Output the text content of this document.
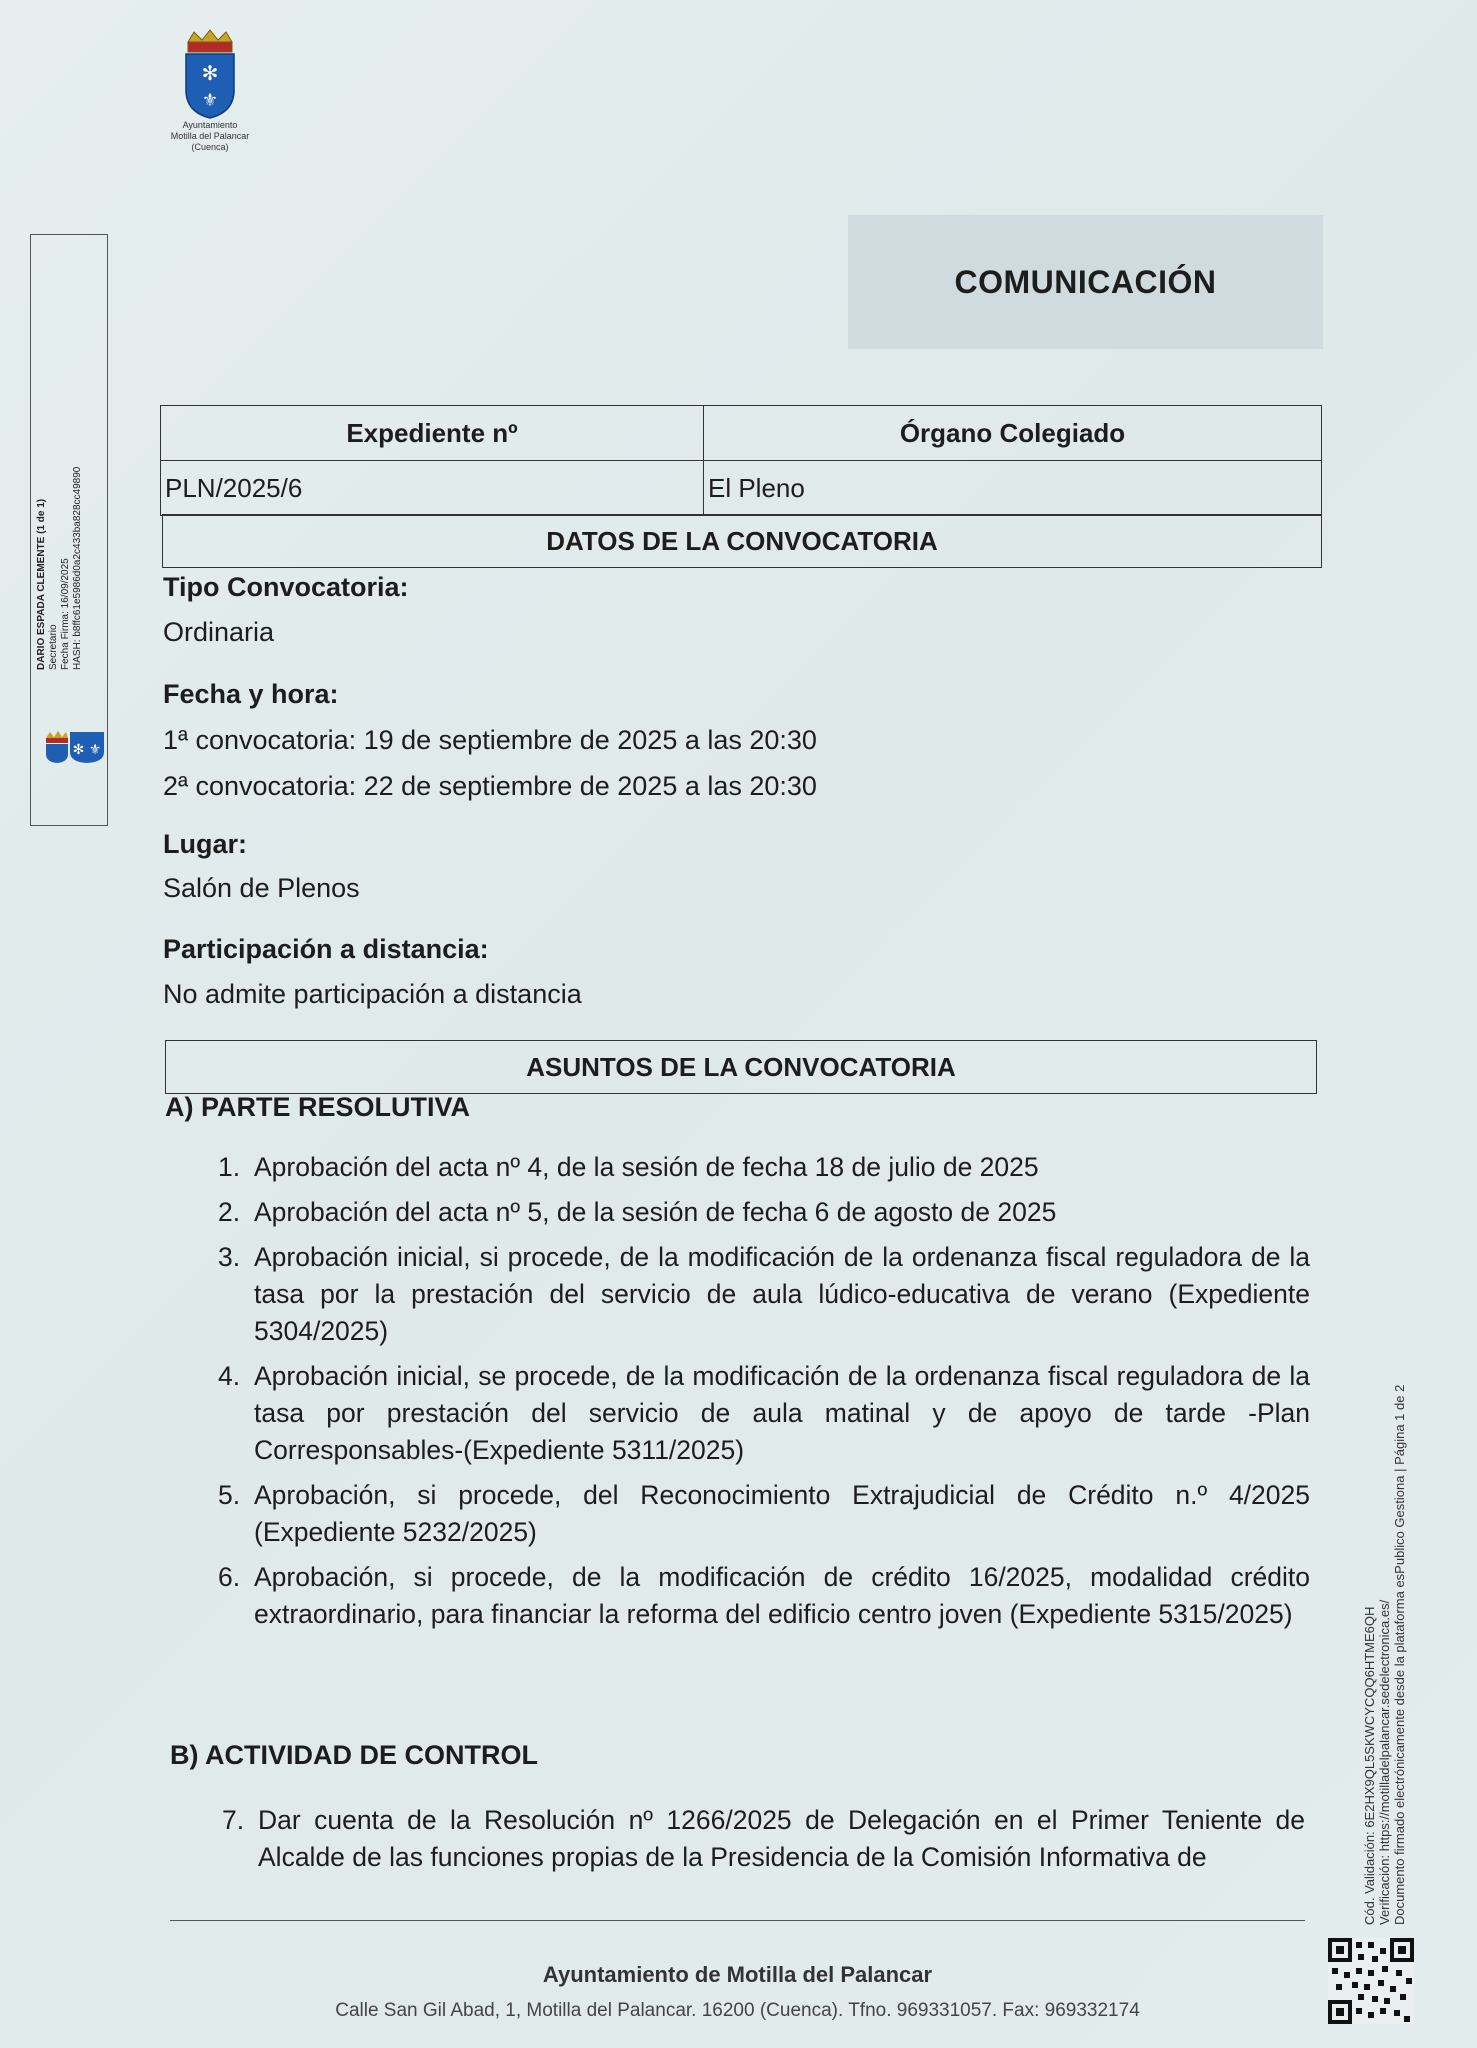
✻
⚜
Ayuntamiento
Motilla del Palancar
(Cuenca)
DARIO ESPADA CLEMENTE (1 de 1) Secretario Fecha Firma: 16/09/2025 HASH: b8ffc61e5986d0a2c433ba828cc49890
✻ ⚜
COMUNICACIÓN
Expediente nº	Órgano Colegiado
PLN/2025/6	El Pleno
DATOS DE LA CONVOCATORIA
Tipo Convocatoria:
Ordinaria
Fecha y hora:
1ª convocatoria: 19 de septiembre de 2025 a las 20:30
2ª convocatoria: 22 de septiembre de 2025 a las 20:30
Lugar:
Salón de Plenos
Participación a distancia:
No admite participación a distancia
ASUNTOS DE LA CONVOCATORIA
A) PARTE RESOLUTIVA
1. Aprobación del acta nº 4, de la sesión de fecha 18 de julio de 2025
2. Aprobación del acta nº 5, de la sesión de fecha 6 de agosto de 2025
3. Aprobación inicial, si procede, de la modificación de la ordenanza fiscal reguladora de la tasa por la prestación del servicio de aula lúdico-educativa de verano (Expediente 5304/2025)
4. Aprobación inicial, se procede, de la modificación de la ordenanza fiscal reguladora de la tasa por prestación del servicio de aula matinal y de apoyo de tarde -Plan Corresponsables-(Expediente 5311/2025)
5. Aprobación, si procede, del Reconocimiento Extrajudicial de Crédito n.º 4/2025 (Expediente 5232/2025)
6. Aprobación, si procede, de la modificación de crédito 16/2025, modalidad crédito extraordinario, para financiar la reforma del edificio centro joven (Expediente 5315/2025)
B) ACTIVIDAD DE CONTROL
7. Dar cuenta de la Resolución nº 1266/2025 de Delegación en el Primer Teniente de Alcalde de las funciones propias de la Presidencia de la Comisión Informativa de
Ayuntamiento de Motilla del Palancar
Calle San Gil Abad, 1, Motilla del Palancar. 16200 (Cuenca). Tfno. 969331057. Fax: 969332174
Cód. Validación: 6E2HX9QL5SKWCYCQQ6HTME6QH Verificación: https://motilladelpalancar.sedelectronica.es/ Documento firmado electrónicamente desde la plataforma esPublico Gestiona | Página 1 de 2
